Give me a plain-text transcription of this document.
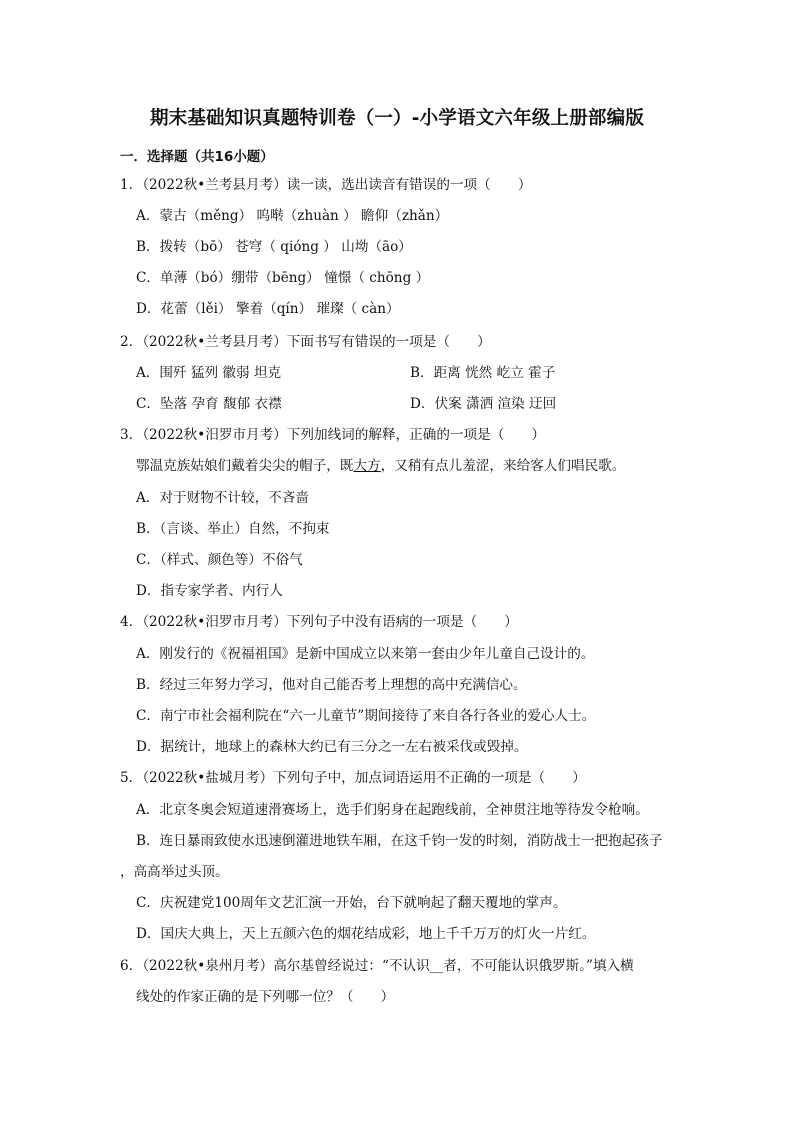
期末基础知识真题特训卷（一）-小学语文六年级上册部编版
一．选择题（共16小题）
1．（2022秋•兰考县月考）读一读，选出读音有错误的一项（　　）
A．蒙古（měng） 呜啭（zhuàn ） 瞻仰（zhǎn）
B．拨转（bō） 苍穹（ qióng ） 山坳（āo）
C．单薄（bó）绷带（bēng） 憧憬（ chōng ）
D．花蕾（lěi） 擎着（qín） 璀璨（ càn）
2．（2022秋•兰考县月考）下面书写有错误的一项是（　　）
A．围歼 猛列 徽弱 坦克	B．距离 恍然 屹立 霍子
C．坠落 孕育 馥郁 衣襟	D．伏案 潇洒 渲染 迂回
3．（2022秋•汨罗市月考）下列加线词的解释，正确的一项是（　　）
鄂温克族姑娘们戴着尖尖的帽子，既大方，又稍有点儿羞涩，来给客人们唱民歌。
A．对于财物不计较，不吝啬
B．（言谈、举止）自然，不拘束
C．（样式、颜色等）不俗气
D．指专家学者、内行人
4．（2022秋•汨罗市月考）下列句子中没有语病的一项是（　　）
A．刚发行的《祝福祖国》是新中国成立以来第一套由少年儿童自己设计的。
B．经过三年努力学习，他对自己能否考上理想的高中充满信心。
C．南宁市社会福利院在“六一儿童节”期间接待了来自各行各业的爱心人士。
D．据统计，地球上的森林大约已有三分之一左右被采伐或毁掉。
5．（2022秋•盐城月考）下列句子中，加点词语运用不正确的一项是（　　）
A．北京冬奥会短道速滑赛场上，选手们躬身在起跑线前，全神贯注地等待发令枪响。
B．连日暴雨致使水迅速倒灌进地铁车厢，在这千钧一发的时刻，消防战士一把抱起孩子
，高高举过头顶。
C．庆祝建党100周年文艺汇演一开始，台下就响起了翻天覆地的掌声。
D．国庆大典上，天上五颜六色的烟花结成彩，地上千千万万的灯火一片红。
6．（2022秋•泉州月考）高尔基曾经说过：“不认识__者，不可能认识俄罗斯。”填入横
线处的作家正确的是下列哪一位？（　　）
